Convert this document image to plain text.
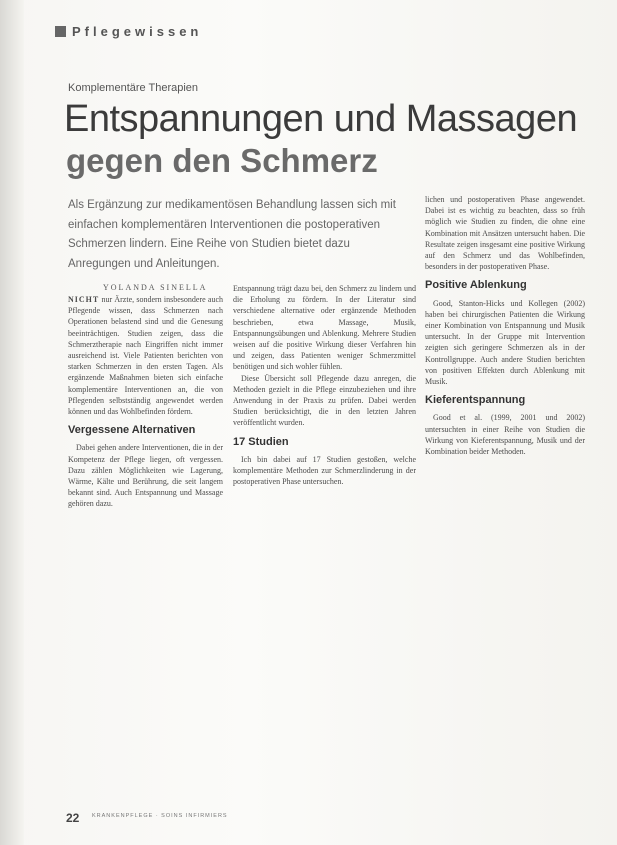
Pflegewissen
Komplementäre Therapien
Entspannungen und Massagen
gegen den Schmerz
Als Ergänzung zur medikamentösen Behandlung lassen sich mit einfachen komplementären Interventionen die postoperativen Schmerzen lindern. Eine Reihe von Studien bietet dazu Anregungen und Anleitungen.
YOLANDA SINELLA

NICHT nur Ärzte, sondern insbesondere auch Pflegende wissen, dass Schmerzen nach Operationen belastend sind und die Genesung beeinträchtigen. Studien zeigen, dass die Schmerztherapie nach Eingriffen nicht immer ausreichend ist. Viele Patienten berichten von starken Schmerzen in den ersten Tagen. Als ergänzende Maßnahmen bieten sich einfache komplementäre Interventionen an, die von Pflegenden selbstständig angewendet werden können und das Wohlbefinden fördern.

Vergessene Alternativen

Dabei gehen andere Interventionen, die in der Kompetenz der Pflege liegen, oft vergessen. Dazu zählen Möglichkeiten wie Lagerung, Wärme, Kälte und Berührung, die seit langem bekannt sind. Auch Entspannung und Massage gehören dazu.

Entspannung trägt dazu bei, den Schmerz zu lindern und die Erholung zu fördern. In der Literatur sind verschiedene alternative oder ergänzende Methoden beschrieben, etwa Massage, Musik, Entspannungsübungen und Ablenkung. Mehrere Studien weisen auf die positive Wirkung dieser Verfahren hin und zeigen, dass Patienten weniger Schmerzmittel benötigen und sich wohler fühlen.

Diese Übersicht soll Pflegende dazu anregen, die Methoden gezielt in die Pflege einzubeziehen und ihre Anwendung in der Praxis zu prüfen. Dabei werden Studien berücksichtigt, die in den letzten Jahren veröffentlicht wurden.

17 Studien

Ich bin dabei auf 17 Studien gestoßen, welche komplementäre Methoden zur Schmerzlinderung in der postoperativen Phase untersuchen.

lichen und postoperativen Phase angewendet. Dabei ist es wichtig zu beachten, dass so früh möglich wie Studien zu finden, die ohne eine Kombination mit Ansätzen untersucht haben. Die Resultate zeigen insgesamt eine positive Wirkung auf den Schmerz und das Wohlbefinden, besonders in der postoperativen Phase.

Positive Ablenkung

Good, Stanton-Hicks und Kollegen (2002) haben bei chirurgischen Patienten die Wirkung einer Kombination von Entspannung und Musik untersucht. In der Gruppe mit Intervention zeigten sich geringere Schmerzen als in der Kontrollgruppe. Auch andere Studien berichten von positiven Effekten durch Ablenkung mit Musik.

Kieferentspannung

Good et al. (1999, 2001 und 2002) untersuchten in einer Reihe von Studien die Wirkung von Kieferentspannung, Musik und der Kombination beider Methoden.

22 KRANKENPFLEGE · SOINS INFIRMIERS
